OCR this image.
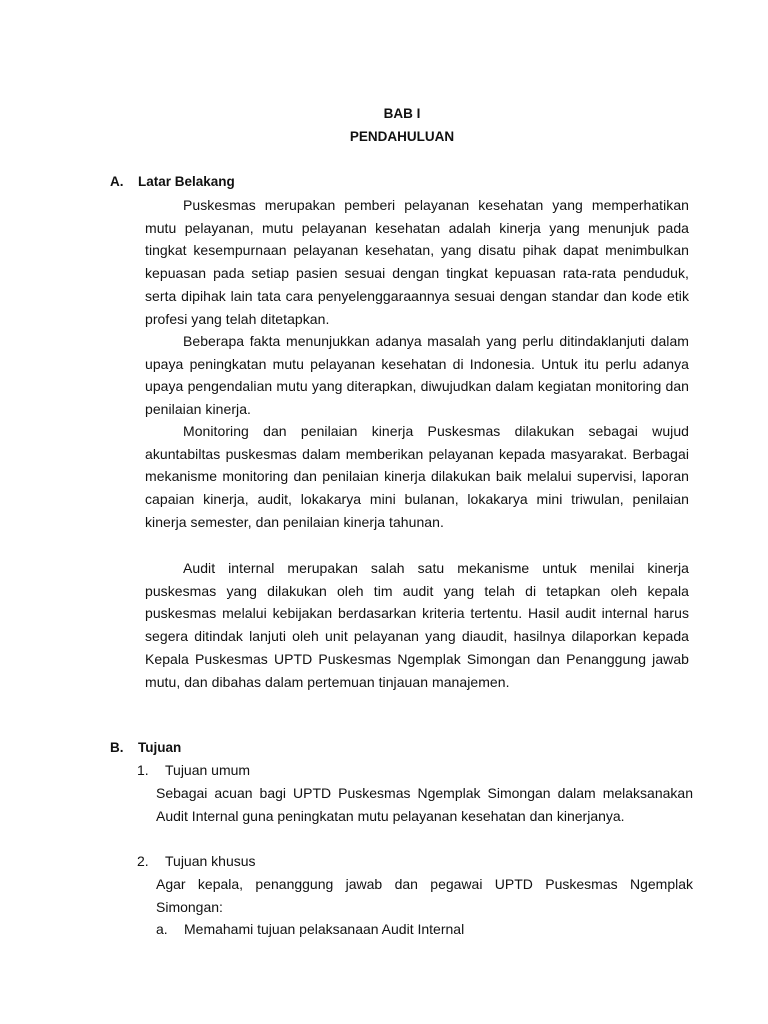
BAB I
PENDAHULUAN
A. Latar Belakang

Puskesmas merupakan pemberi pelayanan kesehatan yang memperhatikan mutu pelayanan, mutu pelayanan kesehatan adalah kinerja yang menunjuk pada tingkat kesempurnaan pelayanan kesehatan, yang disatu pihak dapat menimbulkan kepuasan pada setiap pasien sesuai dengan tingkat kepuasan rata-rata penduduk, serta dipihak lain tata cara penyelenggaraannya sesuai dengan standar dan kode etik profesi yang telah ditetapkan.

Beberapa fakta menunjukkan adanya masalah yang perlu ditindaklanjuti dalam upaya peningkatan mutu pelayanan kesehatan di Indonesia. Untuk itu perlu adanya upaya pengendalian mutu yang diterapkan, diwujudkan dalam kegiatan monitoring dan penilaian kinerja.

Monitoring dan penilaian kinerja Puskesmas dilakukan sebagai wujud akuntabiltas puskesmas dalam memberikan pelayanan kepada masyarakat. Berbagai mekanisme monitoring dan penilaian kinerja dilakukan baik melalui supervisi, laporan capaian kinerja, audit, lokakarya mini bulanan, lokakarya mini triwulan, penilaian kinerja semester, dan penilaian kinerja tahunan.

Audit internal merupakan salah satu mekanisme untuk menilai kinerja puskesmas yang dilakukan oleh tim audit yang telah di tetapkan oleh kepala puskesmas melalui kebijakan berdasarkan kriteria tertentu. Hasil audit internal harus segera ditindak lanjuti oleh unit pelayanan yang diaudit, hasilnya dilaporkan kepada Kepala Puskesmas UPTD Puskesmas Ngemplak Simongan dan Penanggung jawab mutu, dan dibahas dalam pertemuan tinjauan manajemen.

B. Tujuan
1. Tujuan umum

Sebagai acuan bagi UPTD Puskesmas Ngemplak Simongan dalam melaksanakan Audit Internal guna peningkatan mutu pelayanan kesehatan dan kinerjanya.

2. Tujuan khusus

Agar kepala, penanggung jawab dan pegawai UPTD Puskesmas Ngemplak Simongan:

a. Memahami tujuan pelaksanaan Audit Internal
